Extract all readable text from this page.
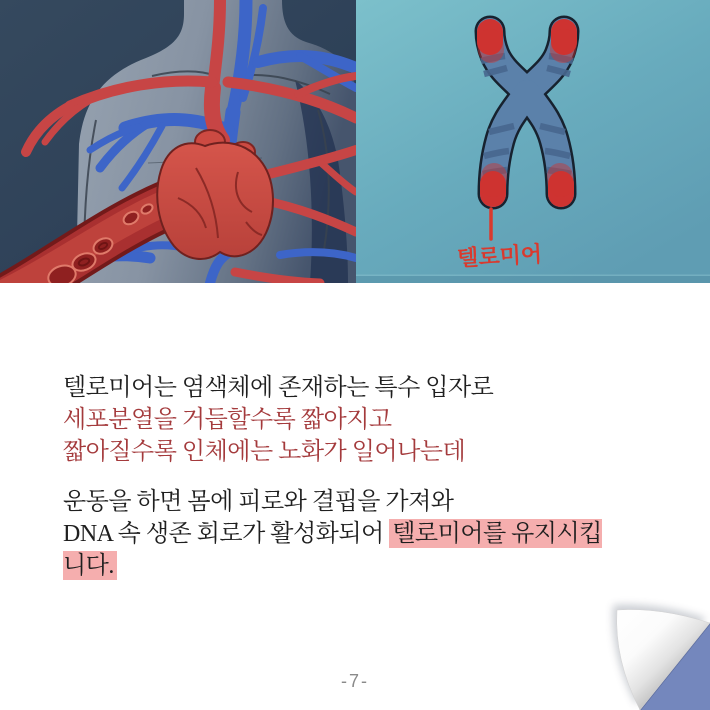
텔로미어

텔로미어는 염색체에 존재하는 특수 입자로

세포분열을 거듭할수록 짧아지고

짧아질수록 인체에는 노화가 일어나는데

운동을 하면 몸에 피로와 결핍을 가져와

DNA 속 생존 회로가 활성화되어 텔로미어를 유지시킵니다.

-7-
